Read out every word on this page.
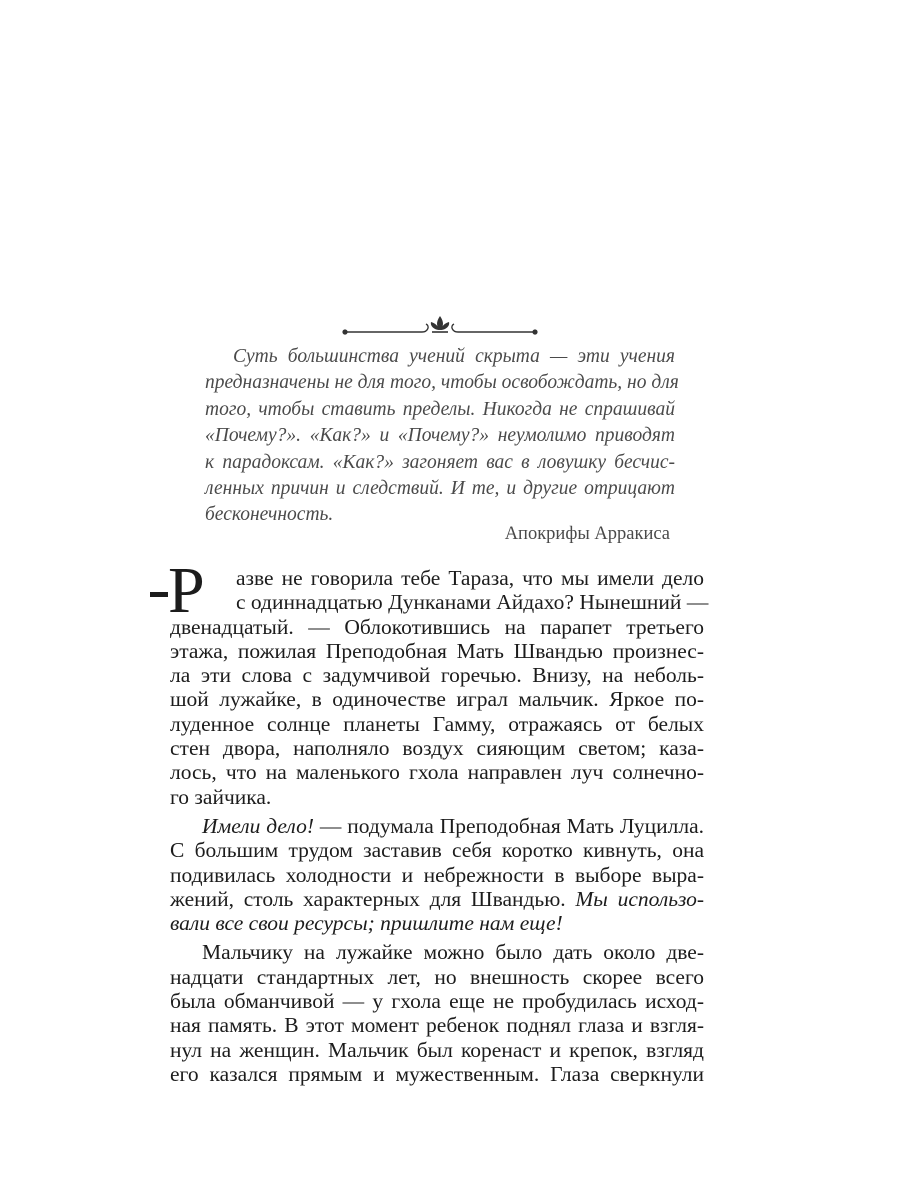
Суть большинства учений скрыта — эти учения
предназначены не для того, чтобы освобождать, но для
того, чтобы ставить пределы. Никогда не спрашивай
«Почему?». «Как?» и «Почему?» неумолимо приводят
к парадоксам. «Как?» загоняет вас в ловушку бесчис-
ленных причин и следствий. И те, и другие отрицают
бесконечность.
Апокрифы Арракиса
Р	азве не говорила тебе Тараза, что мы имели дело
с одиннадцатью Дунканами Айдахо? Нынешний —
двенадцатый. — Облокотившись на парапет третьего
этажа, пожилая Преподобная Мать Швандью произнес-
ла эти слова с задумчивой горечью. Внизу, на неболь-
шой лужайке, в одиночестве играл мальчик. Яркое по-
луденное солнце планеты Гамму, отражаясь от белых
стен двора, наполняло воздух сияющим светом; каза-
лось, что на маленького гхола направлен луч солнечно-
го зайчика.
Имели дело! — подумала Преподобная Мать Луцилла.
С большим трудом заставив себя коротко кивнуть, она
подивилась холодности и небрежности в выборе выра-
жений, столь характерных для Швандью. Мы использо-
вали все свои ресурсы; пришлите нам еще!
Мальчику на лужайке можно было дать около две-
надцати стандартных лет, но внешность скорее всего
была обманчивой — у гхола еще не пробудилась исход-
ная память. В этот момент ребенок поднял глаза и взгля-
нул на женщин. Мальчик был коренаст и крепок, взгляд
его казался прямым и мужественным. Глаза сверкнули
